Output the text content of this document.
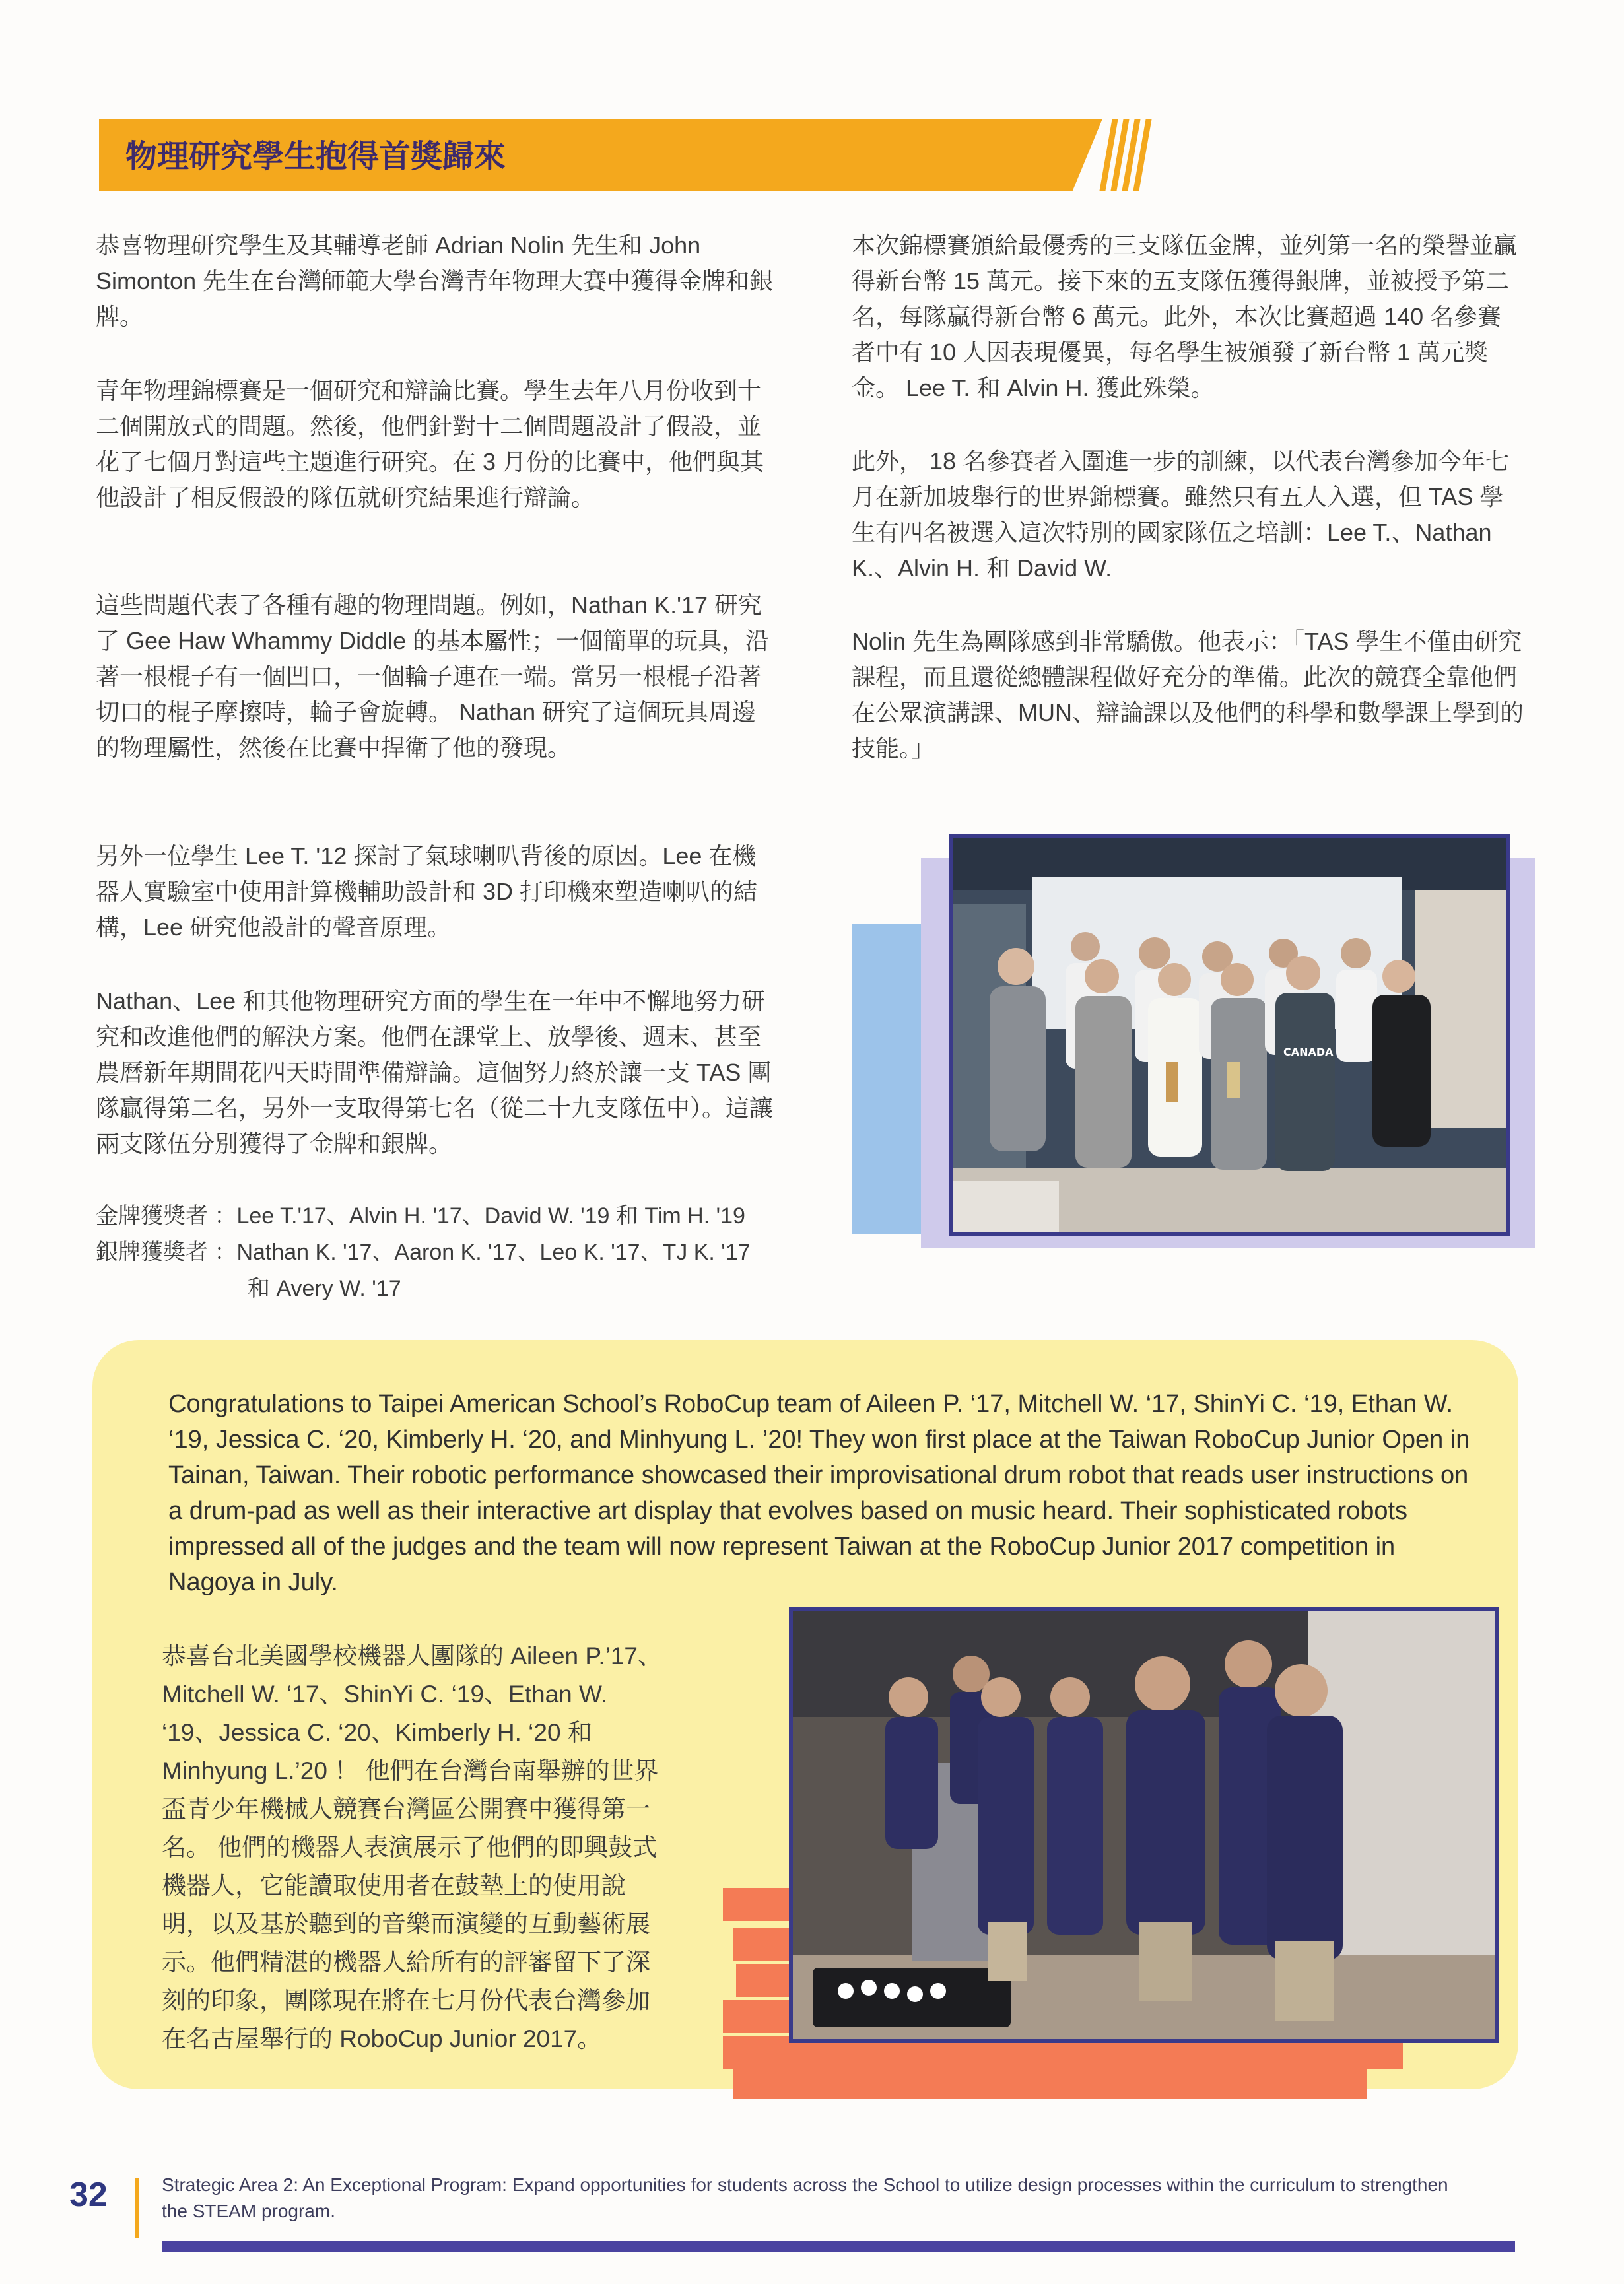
物理研究學生抱得首獎歸來
恭喜物理研究學生及其輔導老師 Adrian Nolin 先生和 John Simonton 先生在台灣師範大學台灣青年物理大賽中獲得金牌和銀牌。
青年物理錦標賽是一個研究和辯論比賽。學生去年八月份收到十二個開放式的問題。然後，他們針對十二個問題設計了假設，並花了七個月對這些主題進行研究。在 3 月份的比賽中，他們與其他設計了相反假設的隊伍就研究結果進行辯論。
這些問題代表了各種有趣的物理問題。例如，Nathan K.'17 研究了 Gee Haw Whammy Diddle 的基本屬性；一個簡單的玩具，沿著一根棍子有一個凹口，一個輪子連在一端。當另一根棍子沿著切口的棍子摩擦時，輪子會旋轉。 Nathan 研究了這個玩具周邊的物理屬性，然後在比賽中捍衛了他的發現。
另外一位學生 Lee T. '12 探討了氣球喇叭背後的原因。Lee 在機器人實驗室中使用計算機輔助設計和 3D 打印機來塑造喇叭的結構，Lee 研究他設計的聲音原理。
Nathan、Lee 和其他物理研究方面的學生在一年中不懈地努力研究和改進他們的解決方案。他們在課堂上、放學後、週末、甚至農曆新年期間花四天時間準備辯論。這個努力終於讓一支 TAS 團隊贏得第二名，另外一支取得第七名（從二十九支隊伍中）。這讓兩支隊伍分別獲得了金牌和銀牌。
金牌獲獎者 ：Lee T.'17、Alvin H. '17、David W. '19 和 Tim H. '19
銀牌獲獎者 ：Nathan K. '17、Aaron K. '17、Leo K. '17、TJ K. '17
和 Avery W. '17
本次錦標賽頒給最優秀的三支隊伍金牌，並列第一名的榮譽並贏得新台幣 15 萬元。接下來的五支隊伍獲得銀牌，並被授予第二名，每隊贏得新台幣 6 萬元。此外，本次比賽超過 140 名參賽者中有 10 人因表現優異，每名學生被頒發了新台幣 1 萬元獎金。 Lee T. 和 Alvin H. 獲此殊榮。
此外， 18 名參賽者入圍進一步的訓練，以代表台灣參加今年七月在新加坡舉行的世界錦標賽。雖然只有五人入選，但 TAS 學生有四名被選入這次特別的國家隊伍之培訓：Lee T.、Nathan K.、Alvin H. 和 David W.
Nolin 先生為團隊感到非常驕傲。他表示：「TAS 學生不僅由研究課程，而且還從總體課程做好充分的準備。此次的競賽全靠他們在公眾演講課、MUN、辯論課以及他們的科學和數學課上學到的技能。」
CANADA
Congratulations to Taipei American School’s RoboCup team of Aileen P. ‘17, Mitchell W. ‘17, ShinYi C. ‘19, Ethan W. ‘19, Jessica C. ‘20, Kimberly H. ‘20, and Minhyung L. ’20! They won first place at the Taiwan RoboCup Junior Open in Tainan, Taiwan. Their robotic performance showcased their improvisational drum robot that reads user instructions on a drum-pad as well as their interactive art display that evolves based on music heard. Their sophisticated robots impressed all of the judges and the team will now represent Taiwan at the RoboCup Junior 2017 competition in Nagoya in July.
恭喜台北美國學校機器人團隊的 Aileen P.’17、Mitchell W. ‘17、ShinYi C. ‘19、Ethan W. ‘19、Jessica C. ‘20、Kimberly H. ‘20 和 Minhyung L.’20 ！ 他們在台灣台南舉辦的世界盃青少年機械人競賽台灣區公開賽中獲得第一名。 他們的機器人表演展示了他們的即興鼓式機器人，它能讀取使用者在鼓墊上的使用說明，以及基於聽到的音樂而演變的互動藝術展示。他們精湛的機器人給所有的評審留下了深刻的印象，團隊現在將在七月份代表台灣參加在名古屋舉行的 RoboCup Junior 2017。
32	Strategic Area 2: An Exceptional Program: Expand opportunities for students across the School to utilize design processes within the curriculum to strengthen the STEAM program.
